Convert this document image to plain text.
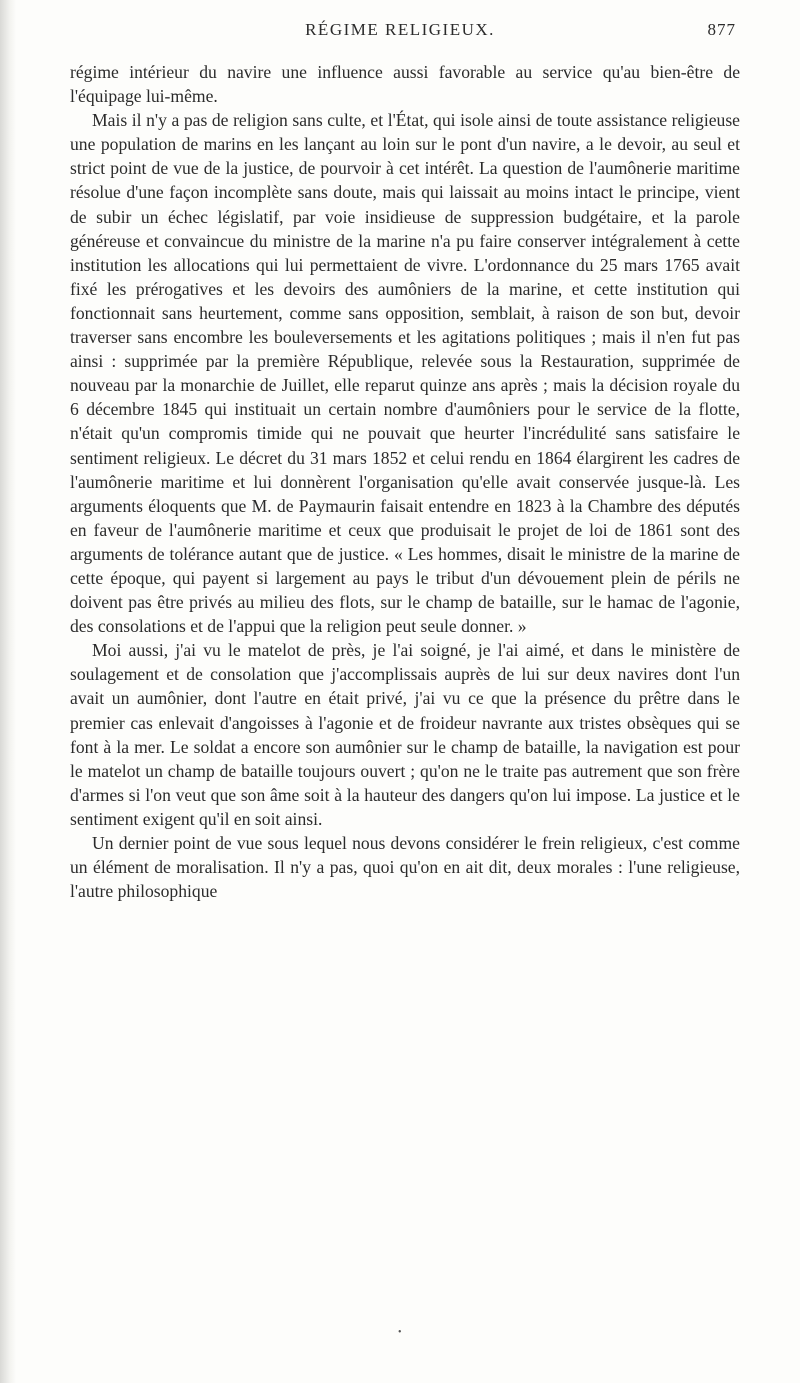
RÉGIME RELIGIEUX.	877

régime intérieur du navire une influence aussi favorable au service qu'au bien-être de l'équipage lui-même.

Mais il n'y a pas de religion sans culte, et l'État, qui isole ainsi de toute assistance religieuse une population de marins en les lançant au loin sur le pont d'un navire, a le devoir, au seul et strict point de vue de la justice, de pourvoir à cet intérêt. La question de l'aumônerie maritime résolue d'une façon incomplète sans doute, mais qui laissait au moins intact le principe, vient de subir un échec législatif, par voie insidieuse de suppression budgétaire, et la parole généreuse et convaincue du ministre de la marine n'a pu faire conserver intégralement à cette institution les allocations qui lui permettaient de vivre. L'ordonnance du 25 mars 1765 avait fixé les prérogatives et les devoirs des aumôniers de la marine, et cette institution qui fonctionnait sans heurtement, comme sans opposition, semblait, à raison de son but, devoir traverser sans encombre les bouleversements et les agitations politiques ; mais il n'en fut pas ainsi : supprimée par la première République, relevée sous la Restauration, supprimée de nouveau par la monarchie de Juillet, elle reparut quinze ans après ; mais la décision royale du 6 décembre 1845 qui instituait un certain nombre d'aumôniers pour le service de la flotte, n'était qu'un compromis timide qui ne pouvait que heurter l'incrédulité sans satisfaire le sentiment religieux. Le décret du 31 mars 1852 et celui rendu en 1864 élargirent les cadres de l'aumônerie maritime et lui donnèrent l'organisation qu'elle avait conservée jusque-là. Les arguments éloquents que M. de Paymaurin faisait entendre en 1823 à la Chambre des députés en faveur de l'aumônerie maritime et ceux que produisait le projet de loi de 1861 sont des arguments de tolérance autant que de justice. « Les hommes, disait le ministre de la marine de cette époque, qui payent si largement au pays le tribut d'un dévouement plein de périls ne doivent pas être privés au milieu des flots, sur le champ de bataille, sur le hamac de l'agonie, des consolations et de l'appui que la religion peut seule donner. »

Moi aussi, j'ai vu le matelot de près, je l'ai soigné, je l'ai aimé, et dans le ministère de soulagement et de consolation que j'accomplissais auprès de lui sur deux navires dont l'un avait un aumônier, dont l'autre en était privé, j'ai vu ce que la présence du prêtre dans le premier cas enlevait d'angoisses à l'agonie et de froideur navrante aux tristes obsèques qui se font à la mer. Le soldat a encore son aumônier sur le champ de bataille, la navigation est pour le matelot un champ de bataille toujours ouvert ; qu'on ne le traite pas autrement que son frère d'armes si l'on veut que son âme soit à la hauteur des dangers qu'on lui impose. La justice et le sentiment exigent qu'il en soit ainsi.

Un dernier point de vue sous lequel nous devons considérer le frein religieux, c'est comme un élément de moralisation. Il n'y a pas, quoi qu'on en ait dit, deux morales : l'une religieuse, l'autre philosophique

•
